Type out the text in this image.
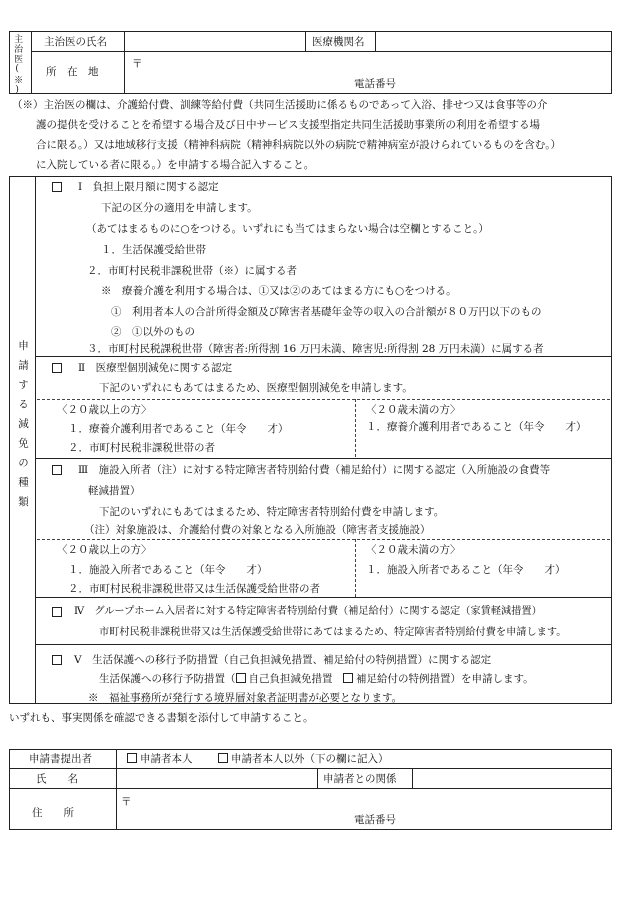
主治医(※) 主治医の氏名	医療機関名
所　在　地
〒
電話番号
（※）主治医の欄は、介護給付費、訓練等給付費（共同生活援助に係るものであって入浴、排せつ又は食事等の介
護の提供を受けることを希望する場合及び日中サービス支援型指定共同生活援助事業所の利用を希望する場
合に限る。）又は地域移行支援（精神科病院（精神科病院以外の病院で精神病室が設けられているものを含む。）
に入院している者に限る。）を申請する場合記入すること。
申請する減免の種類
Ⅰ　負担上限月額に関する認定
下記の区分の適用を申請します。
（あてはまるものに○をつける。いずれにも当てはまらない場合は空欄とすること。）
１．生活保護受給世帯
２．市町村民税非課税世帯（※）に属する者
※　療養介護を利用する場合は、①又は②のあてはまる方にも○をつける。
①　利用者本人の合計所得金額及び障害者基礎年金等の収入の合計額が８０万円以下のもの
②　①以外のもの
３．市町村民税課税世帯（障害者:所得割 16 万円未満、障害児:所得割 28 万円未満）に属する者
Ⅱ　医療型個別減免に関する認定
下記のいずれにもあてはまるため、医療型個別減免を申請します。
〈２０歳以上の方〉
１．療養介護利用者であること（年令　　才）
２．市町村民税非課税世帯の者
〈２０歳未満の方〉
１．療養介護利用者であること（年令　　才）
Ⅲ　施設入所者（注）に対する特定障害者特別給付費（補足給付）に関する認定（入所施設の食費等
軽減措置）
下記のいずれにもあてはまるため、特定障害者特別給付費を申請します。
（注）対象施設は、介護給付費の対象となる入所施設（障害者支援施設）
〈２０歳以上の方〉
１．施設入所者であること（年令　　才）
２．市町村民税非課税世帯又は生活保護受給世帯の者
〈２０歳未満の方〉
１．施設入所者であること（年令　　才）
Ⅳ　グループホーム入居者に対する特定障害者特別給付費（補足給付）に関する認定（家賃軽減措置）
市町村民税非課税世帯又は生活保護受給世帯にあてはまるため、特定障害者特別給付費を申請します。
Ⅴ　生活保護への移行予防措置（自己負担減免措置、補足給付の特例措置）に関する認定
生活保護への移行予防措置（ 自己負担減免措置　補足給付の特例措置）を申請します。
※　福祉事務所が発行する境界層対象者証明書が必要となります。
いずれも、事実関係を確認できる書類を添付して申請すること。
申請書提出者	申請者本人	申請者本人以外（下の欄に記入）
氏　　名	申請者との関係
住　　所
〒
電話番号
